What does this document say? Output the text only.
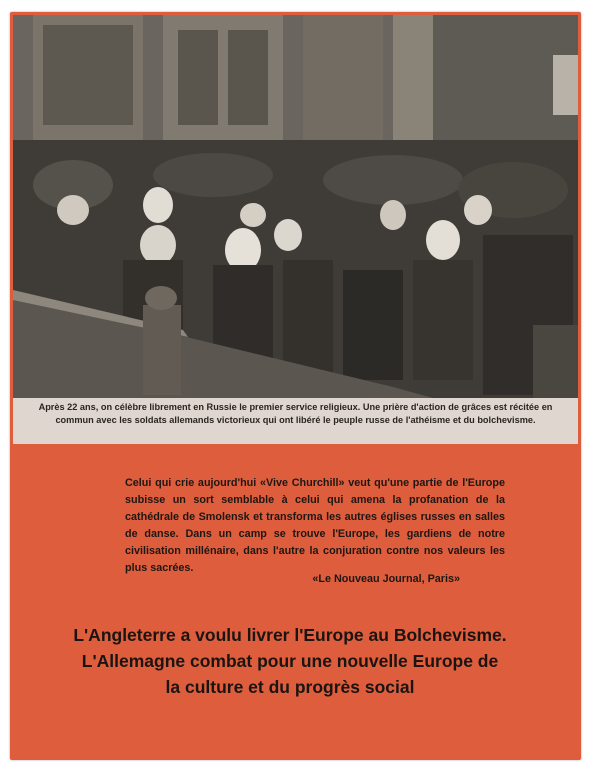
Après 22 ans, on célèbre librement en Russie le premier service religieux. Une prière d'action de grâces est récitée en commun avec les soldats allemands victorieux qui ont libéré le peuple russe de l'athéisme et du bolchevisme.
Celui qui crie aujourd'hui «Vive Churchill» veut qu'une partie de l'Europe subisse un sort semblable à celui qui amena la profanation de la cathédrale de Smolensk et transforma les autres églises russes en salles de danse. Dans un camp se trouve l'Europe, les gardiens de notre civilisation millénaire, dans l'autre la conjuration contre nos valeurs les plus sacrées.
«Le Nouveau Journal, Paris»
L'Angleterre a voulu livrer l'Europe au Bolchevisme.
L'Allemagne combat pour une nouvelle Europe de
la culture et du progrès social
